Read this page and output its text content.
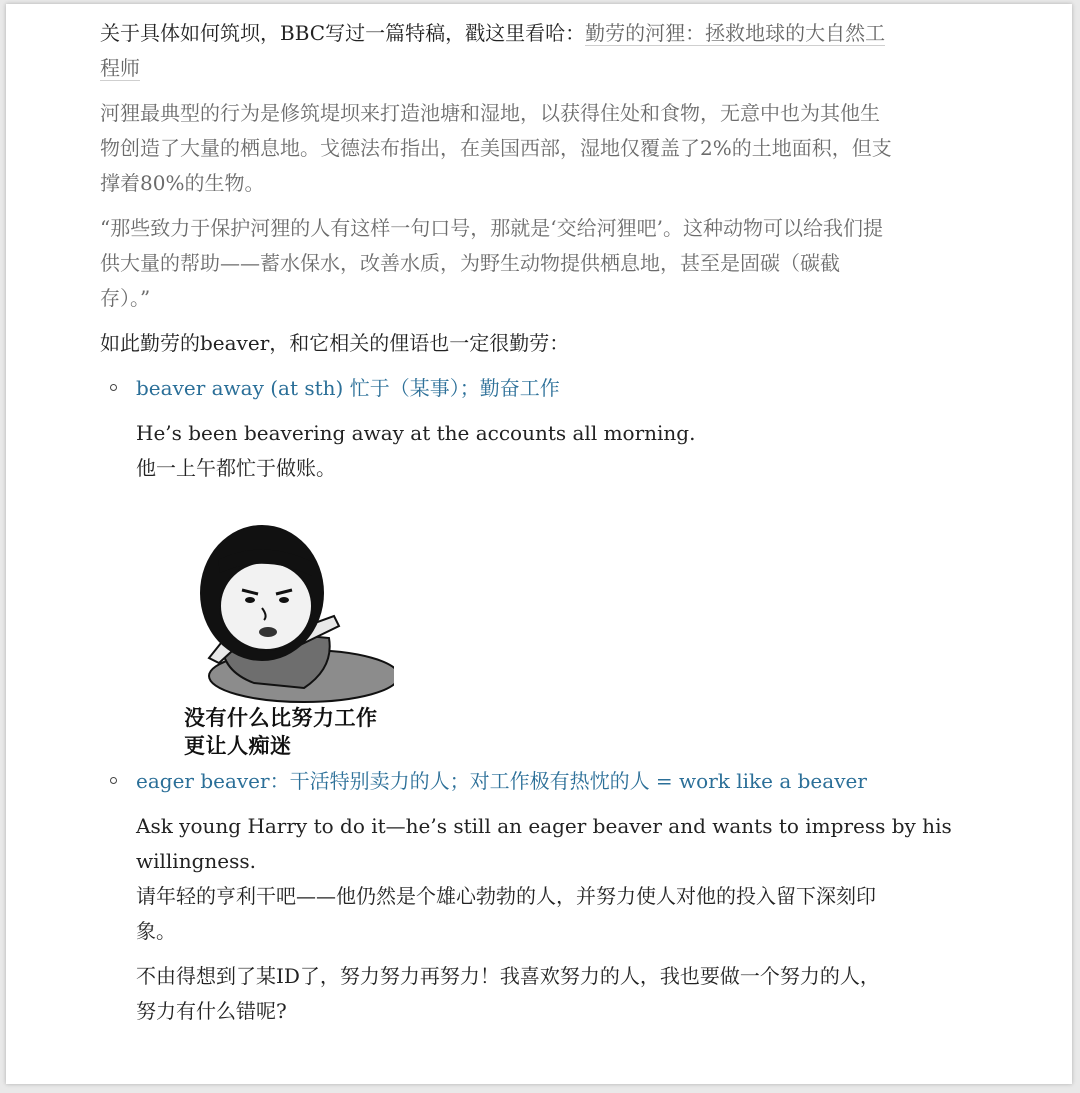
关于具体如何筑坝，BBC写过一篇特稿，戳这里看哈：勤劳的河狸：拯救地球的大自然工
程师

河狸最典型的行为是修筑堤坝来打造池塘和湿地，以获得住处和食物，无意中也为其他生
物创造了大量的栖息地。戈德法布指出，在美国西部，湿地仅覆盖了2%的土地面积，但支
撑着80%的生物。

“那些致力于保护河狸的人有这样一句口号，那就是‘交给河狸吧’。这种动物可以给我们提
供大量的帮助——蓄水保水，改善水质，为野生动物提供栖息地，甚至是固碳（碳截
存）。”

如此勤劳的beaver，和它相关的俚语也一定很勤劳：

beaver away (at sth) 忙于（某事）；勤奋工作
He’s been beavering away at the accounts all morning.
他一上午都忙于做账。
没有什么比努力工作
更让人痴迷
eager beaver：干活特别卖力的人；对工作极有热忱的人 = work like a beaver
Ask young Harry to do it—he’s still an eager beaver and wants to impress by his
willingness.
请年轻的亨利干吧——他仍然是个雄心勃勃的人，并努力使人对他的投入留下深刻印
象。
不由得想到了某ID了，努力努力再努力！我喜欢努力的人，我也要做一个努力的人，
努力有什么错呢?
